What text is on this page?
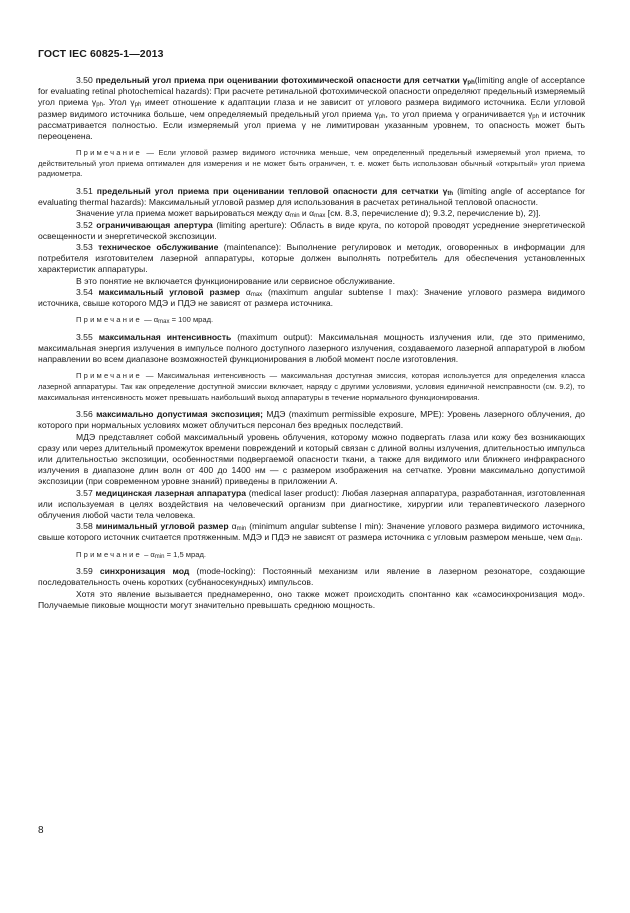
ГОСТ IEC 60825-1—2013

3.50 предельный угол приема при оценивании фотохимической опасности для сетчатки $\gamma_{ph}(limiting$ angle of acceptance for evaluating retinal photochemical hazards): При расчете ретинальной фотохимической опасности определяют предельный измеряемый угол приема $\gamma_{ph}$. Угол $\gamma_{ph}$ имеет отношение к адаптации глаза и не зависит от углового размера видимого источника. Если угловой размер видимого источника больше, чем определяемый предельный угол приема $\gamma_{ph}$, то угол приема γ ограничивается $\gamma_{ph}$ и источник рассматривается полностью. Если измеряемый угол приема γ не лимитирован указанным уровнем, то опасность может быть переоценена.

Примечание — Если угловой размер видимого источника меньше, чем определенный предельный измеряемый угол приема, то действительный угол приема оптимален для измерения и не может быть ограничен, т. е. может быть использован обычный «открытый» угол приема радиометра.

3.51 предельный угол приема при оценивании тепловой опасности для сетчатки $\gamma_{th}$ (limiting angle of acceptance for evaluating thermal hazards): Максимальный угловой размер для использования в расчетах ретинальной тепловой опасности.

Значение угла приема может варьироваться между $\alpha_{min}$ и $\alpha_{max}$ [см. 8.3, перечисление d); 9.3.2, перечисление b), 2)].

3.52 ограничивающая апертура (limiting aperture): Область в виде круга, по которой проводят усреднение энергетической освещенности и энергетической экспозиции.

3.53 техническое обслуживание (maintenance): Выполнение регулировок и методик, оговоренных в информации для потребителя изготовителем лазерной аппаратуры, которые должен выполнять потребитель для обеспечения установленных характеристик аппаратуры.

В это понятие не включается функционирование или сервисное обслуживание.

3.54 максимальный угловой размер $\alpha_{max}$ (maximum angular subtense l max): Значение углового размера видимого источника, свыше которого МДЭ и ПДЭ не зависят от размера источника.

Примечание — $\alpha_{max} = 100$ мрад.

3.55 максимальная интенсивность (maximum output): Максимальная мощность излучения или, где это применимо, максимальная энергия излучения в импульсе полного доступного лазерного излучения, создаваемого лазерной аппаратурой в любом направлении во всем диапазоне возможностей функционирования в любой момент после изготовления.

Примечание — Максимальная интенсивность — максимальная доступная эмиссия, которая используется для определения класса лазерной аппаратуры. Так как определение доступной эмиссии включает, наряду с другими условиями, условия единичной неисправности (см. 9.2), то максимальная интенсивность может превышать наибольший выход аппаратуры в течение нормального функционирования.

3.56 максимально допустимая экспозиция; МДЭ (maximum permissible exposure, MPE): Уровень лазерного облучения, до которого при нормальных условиях может облучиться персонал без вредных последствий.

МДЭ представляет собой максимальный уровень облучения, которому можно подвергать глаза или кожу без возникающих сразу или через длительный промежуток времени повреждений и который связан с длиной волны излучения, длительностью импульса или длительностью экспозиции, особенностями подвергаемой опасности ткани, а также для видимого или ближнего инфракрасного излучения в диапазоне длин волн от 400 до 1400 нм — с размером изображения на сетчатке. Уровни максимально допустимой экспозиции (при современном уровне знаний) приведены в приложении А.

3.57 медицинская лазерная аппаратура (medical laser product): Любая лазерная аппаратура, разработанная, изготовленная или используемая в целях воздействия на человеческий организм при диагностике, хирургии или терапевтического лазерного облучения любой части тела человека.

3.58 минимальный угловой размер $\alpha_{min}$ (minimum angular subtense l min): Значение углового размера видимого источника, свыше которого источник считается протяженным. МДЭ и ПДЭ не зависят от размера источника с угловым размером меньше, чем $\alpha_{min}$.

Примечание – $\alpha_{min} = 1,5$ мрад.

3.59 синхронизация мод (mode-locking): Постоянный механизм или явление в лазерном резонаторе, создающие последовательность очень коротких (субнаносекундных) импульсов.

Хотя это явление вызывается преднамеренно, оно также может происходить спонтанно как «самосинхронизация мод». Получаемые пиковые мощности могут значительно превышать среднюю мощность.

8
